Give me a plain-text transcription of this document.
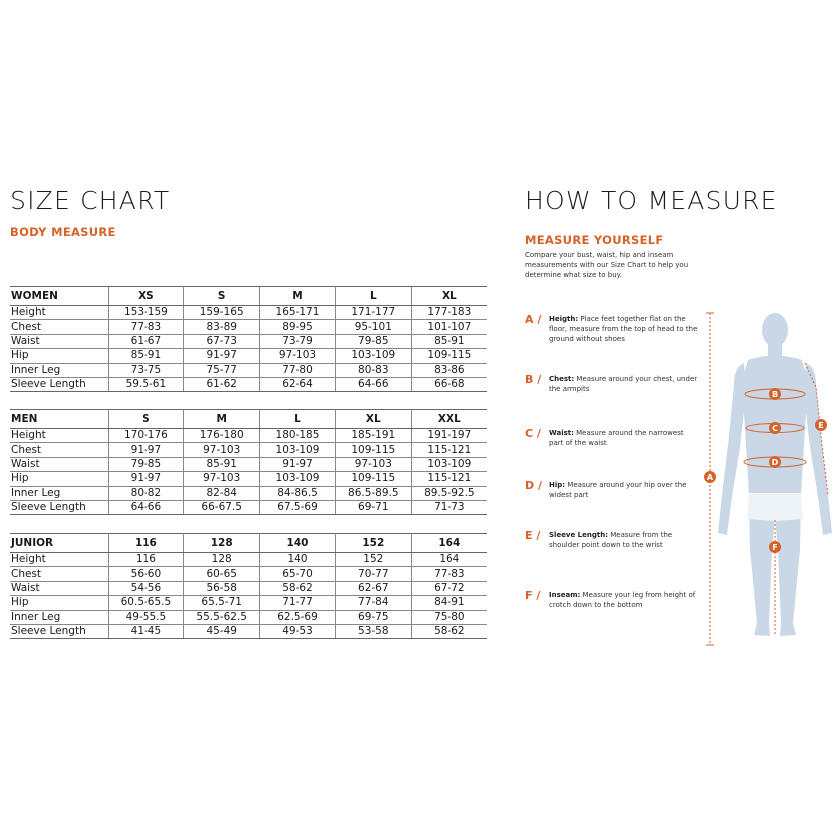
SIZE CHART
BODY MEASURE
WOMEN	XS	S	M	L	XL
Height	153-159	159-165	165-171	171-177	177-183
Chest	77-83	83-89	89-95	95-101	101-107
Waist	61-67	67-73	73-79	79-85	85-91
Hip	85-91	91-97	97-103	103-109	109-115
Inner Leg	73-75	75-77	77-80	80-83	83-86
Sleeve Length	59.5-61	61-62	62-64	64-66	66-68
MEN	S	M	L	XL	XXL
Height	170-176	176-180	180-185	185-191	191-197
Chest	91-97	97-103	103-109	109-115	115-121
Waist	79-85	85-91	91-97	97-103	103-109
Hip	91-97	97-103	103-109	109-115	115-121
Inner Leg	80-82	82-84	84-86.5	86.5-89.5	89.5-92.5
Sleeve Length	64-66	66-67.5	67.5-69	69-71	71-73
JUNIOR	116	128	140	152	164
Height	116	128	140	152	164
Chest	56-60	60-65	65-70	70-77	77-83
Waist	54-56	56-58	58-62	62-67	67-72
Hip	60.5-65.5	65.5-71	71-77	77-84	84-91
Inner Leg	49-55.5	55.5-62.5	62.5-69	69-75	75-80
Sleeve Length	41-45	45-49	49-53	53-58	58-62
HOW TO MEASURE
MEASURE YOURSELF
Compare your bust, waist, hip and inseam measurements with our Size Chart to help you determine what size to buy.
A /	Heigth: Place feet together flat on the floor, measure from the top of head to the ground without shoes
B /	Chest: Measure around your chest, under the armpits
C /	Waist: Measure around the narrowest part of the waist
D /	Hip: Measure around your hip over the widest part
E /	Sleeve Length: Measure from the shoulder point down to the wrist
F /	Inseam: Measure your leg from height of crotch down to the bottom
A
B
C
D
E
F
